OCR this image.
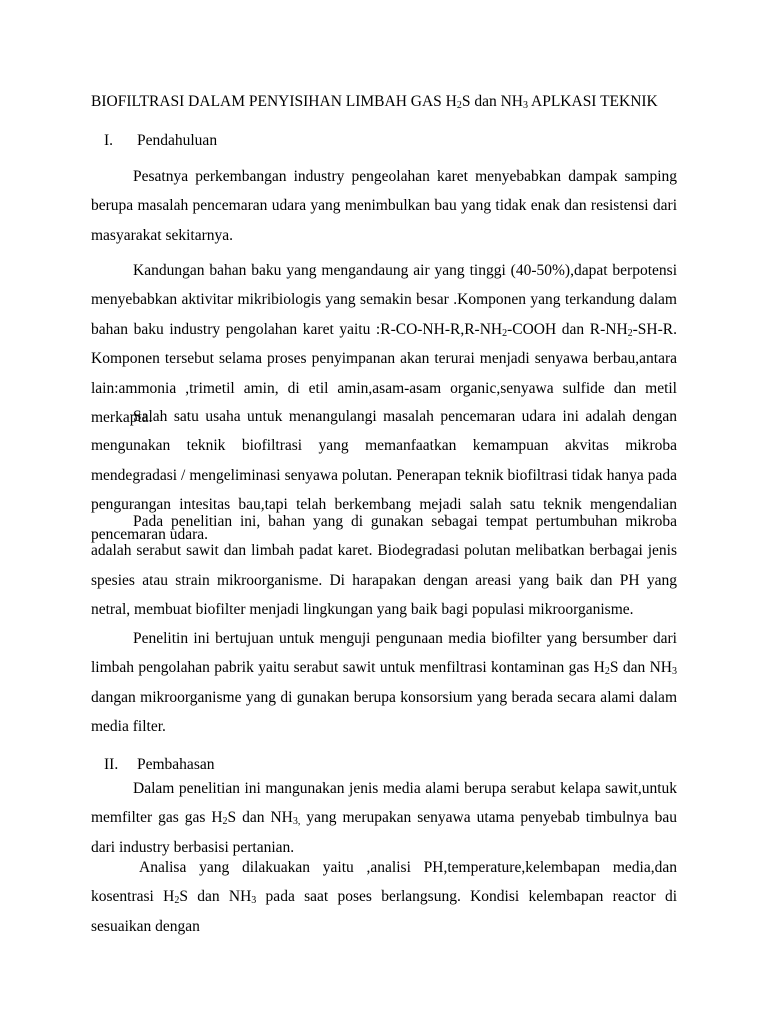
BIOFILTRASI DALAM PENYISIHAN LIMBAH GAS $H_2S$ dan $NH_3$ APLKASI TEKNIK
I. Pendahuluan
Pesatnya perkembangan industry pengeolahan karet menyebabkan dampak samping berupa masalah pencemaran udara yang menimbulkan bau yang tidak enak dan resistensi dari masyarakat sekitarnya.
Kandungan bahan baku yang mengandaung air yang tinggi (40-50%),dapat berpotensi menyebabkan aktivitar mikribiologis yang semakin besar .Komponen yang terkandung dalam bahan baku industry pengolahan karet yaitu $:R-CO-NH-R,R-NH_2$-COOH dan $R-NH_2-SH-R$. Komponen tersebut selama proses penyimpanan akan terurai menjadi senyawa berbau,antara lain:ammonia ,trimetil amin, di etil amin,asam-asam organic,senyawa sulfide dan metil merkapta.
Salah satu usaha untuk menangulangi masalah pencemaran udara ini adalah dengan mengunakan teknik biofiltrasi yang memanfaatkan kemampuan akvitas mikroba mendegradasi / mengeliminasi senyawa polutan. Penerapan teknik biofiltrasi tidak hanya pada pengurangan intesitas bau,tapi telah berkembang mejadi salah satu teknik mengendalian pencemaran udara.
Pada penelitian ini, bahan yang di gunakan sebagai tempat pertumbuhan mikroba adalah serabut sawit dan limbah padat karet. Biodegradasi polutan melibatkan berbagai jenis spesies atau strain mikroorganisme. Di harapakan dengan areasi yang baik dan PH yang netral, membuat biofilter menjadi lingkungan yang baik bagi populasi mikroorganisme.
Penelitin ini bertujuan untuk menguji pengunaan media biofilter yang bersumber dari limbah pengolahan pabrik yaitu serabut sawit untuk menfiltrasi kontaminan gas $H_2S$ dan $NH_3$ dangan mikroorganisme yang di gunakan berupa konsorsium yang berada secara alami dalam media filter.
II. Pembahasan
Dalam penelitian ini mangunakan jenis media alami berupa serabut kelapa sawit,untuk memfilter gas gas $H_2S$ dan $NH_{3,}$ yang merupakan senyawa utama penyebab timbulnya bau dari industry berbasisi pertanian.
Analisa yang dilakuakan yaitu ,analisi PH,temperature,kelembapan media,dan kosentrasi $H_2S$ dan $NH_3$ pada saat poses berlangsung. Kondisi kelembapan reactor di sesuaikan dengan
